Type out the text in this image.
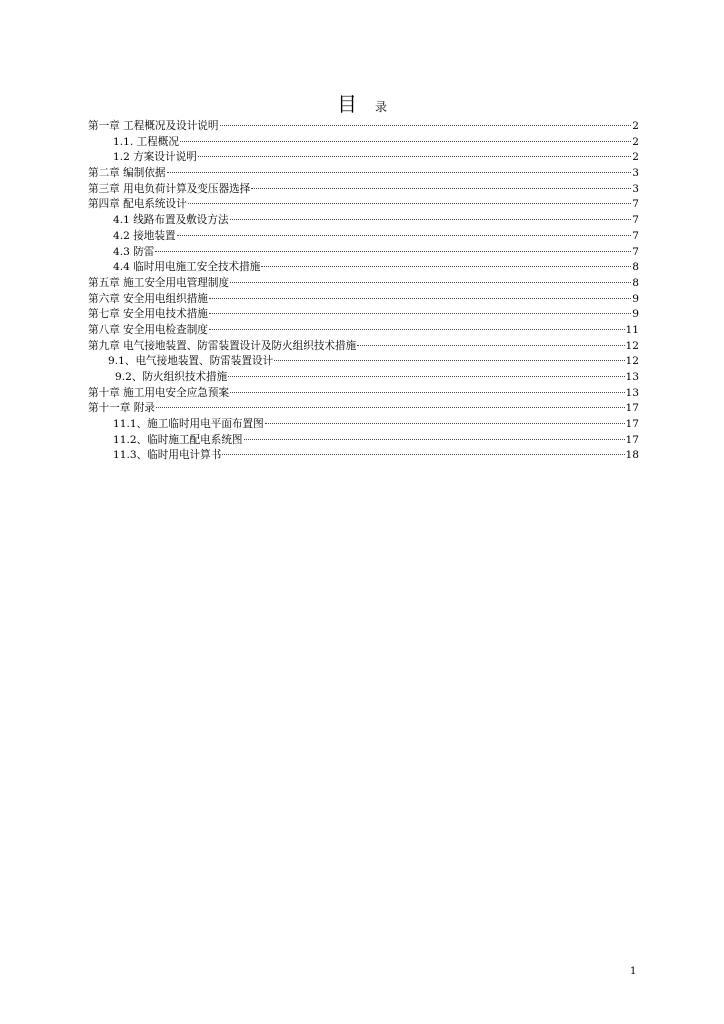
目 录
第一章 工程概况及设计说明	2
1.1. 工程概况	2
1.2 方案设计说明	2
第二章 编制依据	3
第三章 用电负荷计算及变压器选择	3
第四章 配电系统设计	7
4.1 线路布置及敷设方法	7
4.2 接地装置	7
4.3 防雷	7
4.4 临时用电施工安全技术措施	8
第五章 施工安全用电管理制度	8
第六章 安全用电组织措施	9
第七章 安全用电技术措施	9
第八章 安全用电检查制度	11
第九章 电气接地装置、防雷装置设计及防火组织技术措施	12
9.1、电气接地装置、防雷装置设计	12
9.2、防火组织技术措施	13
第十章 施工用电安全应急预案	13
第十一章 附录	17
11.1、施工临时用电平面布置图	17
11.2、临时施工配电系统图	17
11.3、临时用电计算书	18
1
